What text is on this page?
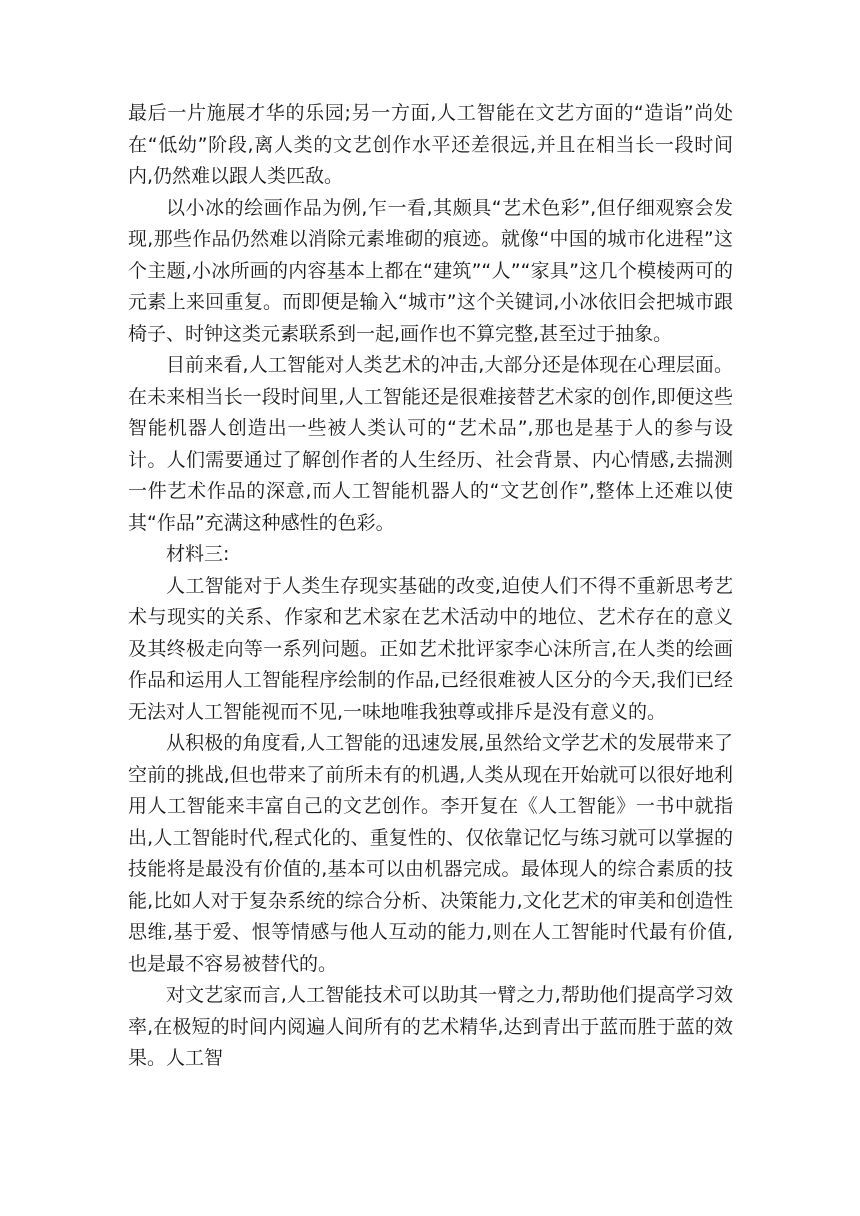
最后一片施展才华的乐园;另一方面,人工智能在文艺方面的“造诣”尚处在“低幼”阶段,离人类的文艺创作水平还差很远,并且在相当长一段时间内,仍然难以跟人类匹敌。

以小冰的绘画作品为例,乍一看,其颇具“艺术色彩”,但仔细观察会发现,那些作品仍然难以消除元素堆砌的痕迹。就像“中国的城市化进程”这个主题,小冰所画的内容基本上都在“建筑”“人”“家具”这几个模棱两可的元素上来回重复。而即便是输入“城市”这个关键词,小冰依旧会把城市跟椅子、时钟这类元素联系到一起,画作也不算完整,甚至过于抽象。

目前来看,人工智能对人类艺术的冲击,大部分还是体现在心理层面。在未来相当长一段时间里,人工智能还是很难接替艺术家的创作,即便这些智能机器人创造出一些被人类认可的“艺术品”,那也是基于人的参与设计。人们需要通过了解创作者的人生经历、社会背景、内心情感,去揣测一件艺术作品的深意,而人工智能机器人的“文艺创作”,整体上还难以使其“作品”充满这种感性的色彩。

材料三:

人工智能对于人类生存现实基础的改变,迫使人们不得不重新思考艺术与现实的关系、作家和艺术家在艺术活动中的地位、艺术存在的意义及其终极走向等一系列问题。正如艺术批评家李心沫所言,在人类的绘画作品和运用人工智能程序绘制的作品,已经很难被人区分的今天,我们已经无法对人工智能视而不见,一味地唯我独尊或排斥是没有意义的。

从积极的角度看,人工智能的迅速发展,虽然给文学艺术的发展带来了空前的挑战,但也带来了前所未有的机遇,人类从现在开始就可以很好地利用人工智能来丰富自己的文艺创作。李开复在《人工智能》一书中就指出,人工智能时代,程式化的、重复性的、仅依靠记忆与练习就可以掌握的技能将是最没有价值的,基本可以由机器完成。最体现人的综合素质的技能,比如人对于复杂系统的综合分析、决策能力,文化艺术的审美和创造性思维,基于爱、恨等情感与他人互动的能力,则在人工智能时代最有价值,也是最不容易被替代的。

对文艺家而言,人工智能技术可以助其一臂之力,帮助他们提高学习效率,在极短的时间内阅遍人间所有的艺术精华,达到青出于蓝而胜于蓝的效果。人工智
